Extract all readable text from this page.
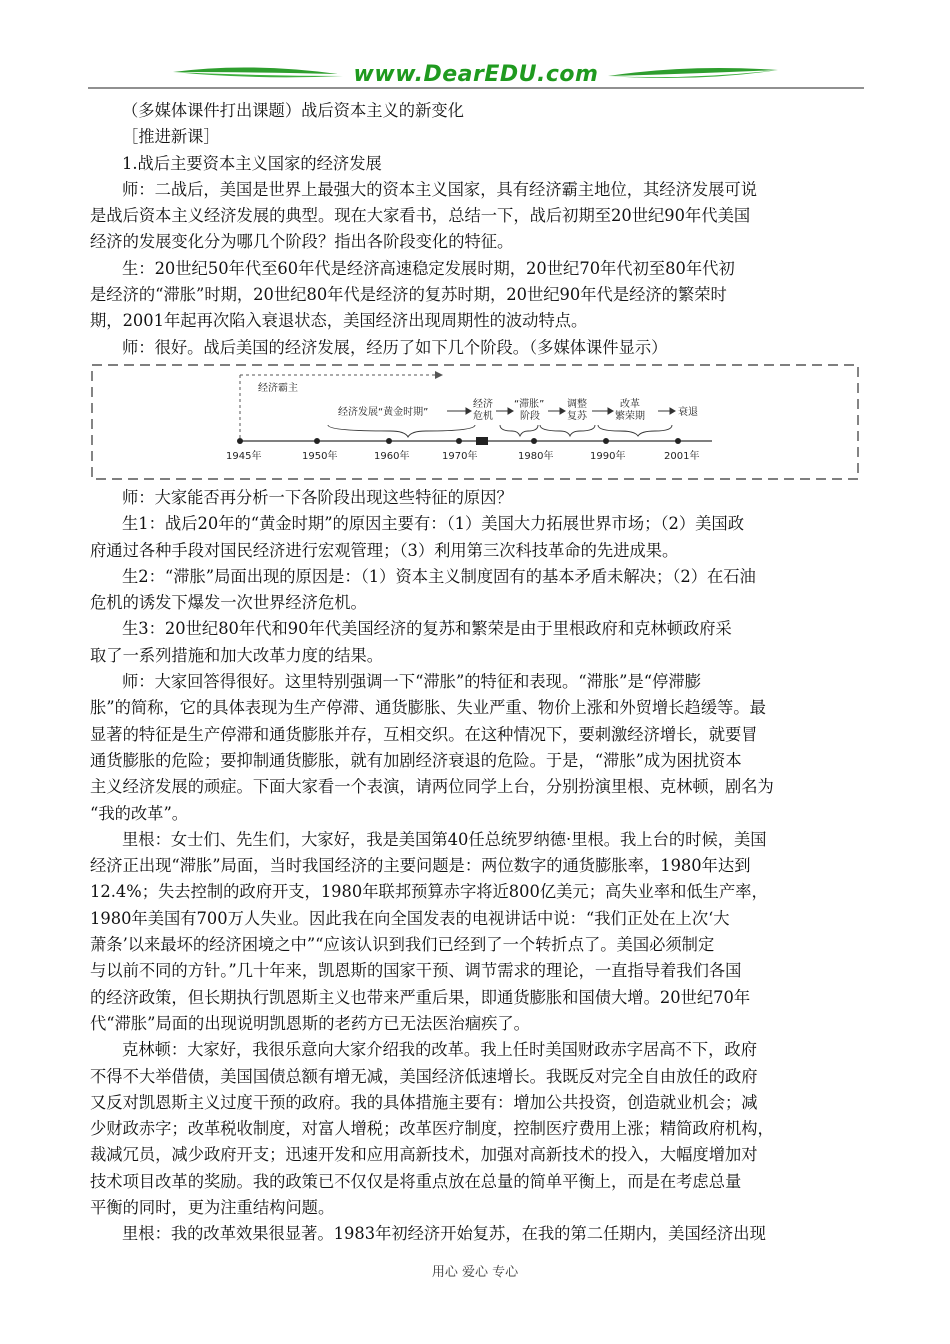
www.DearEDU.com

（多媒体课件打出课题）战后资本主义的新变化

［推进新课］

1.战后主要资本主义国家的经济发展

师：二战后，美国是世界上最强大的资本主义国家，具有经济霸主地位，其经济发展可说

是战后资本主义经济发展的典型。现在大家看书，总结一下，战后初期至20世纪90年代美国

经济的发展变化分为哪几个阶段？指出各阶段变化的特征。

生：20世纪50年代至60年代是经济高速稳定发展时期，20世纪70年代初至80年代初

是经济的“滞胀”时期，20世纪80年代是经济的复苏时期，20世纪90年代是经济的繁荣时

期，2001年起再次陷入衰退状态，美国经济出现周期性的波动特点。

师：很好。战后美国的经济发展，经历了如下几个阶段。（多媒体课件显示）

经济霸主
经济发展“黄金时期”
经济
危机
“滞胀”
阶段
调整
复苏
改革
繁荣期	衰退
1945年	1950年	1960年	1970年	1980年	1990年	2001年

师：大家能否再分析一下各阶段出现这些特征的原因？

生1：战后20年的“黄金时期”的原因主要有：（1）美国大力拓展世界市场；（2）美国政

府通过各种手段对国民经济进行宏观管理；（3）利用第三次科技革命的先进成果。

生2：“滞胀”局面出现的原因是：（1）资本主义制度固有的基本矛盾未解决；（2）在石油

危机的诱发下爆发一次世界经济危机。

生3：20世纪80年代和90年代美国经济的复苏和繁荣是由于里根政府和克林顿政府采

取了一系列措施和加大改革力度的结果。

师：大家回答得很好。这里特别强调一下“滞胀”的特征和表现。“滞胀”是“停滞膨

胀”的简称，它的具体表现为生产停滞、通货膨胀、失业严重、物价上涨和外贸增长趋缓等。最

显著的特征是生产停滞和通货膨胀并存，互相交织。在这种情况下，要刺激经济增长，就要冒

通货膨胀的危险；要抑制通货膨胀，就有加剧经济衰退的危险。于是，“滞胀”成为困扰资本

主义经济发展的顽症。下面大家看一个表演，请两位同学上台，分别扮演里根、克林顿，剧名为

“我的改革”。

里根：女士们、先生们，大家好，我是美国第40任总统罗纳德·里根。我上台的时候，美国

经济正出现“滞胀”局面，当时我国经济的主要问题是：两位数字的通货膨胀率，1980年达到

12.4%；失去控制的政府开支，1980年联邦预算赤字将近800亿美元；高失业率和低生产率，

1980年美国有700万人失业。因此我在向全国发表的电视讲话中说：“我们正处在上次‘大

萧条’以来最坏的经济困境之中”“应该认识到我们已经到了一个转折点了。美国必须制定

与以前不同的方针。”几十年来，凯恩斯的国家干预、调节需求的理论，一直指导着我们各国

的经济政策，但长期执行凯恩斯主义也带来严重后果，即通货膨胀和国债大增。20世纪70年

代“滞胀”局面的出现说明凯恩斯的老药方已无法医治痼疾了。

克林顿：大家好，我很乐意向大家介绍我的改革。我上任时美国财政赤字居高不下，政府

不得不大举借债，美国国债总额有增无减，美国经济低速增长。我既反对完全自由放任的政府

又反对凯恩斯主义过度干预的政府。我的具体措施主要有：增加公共投资，创造就业机会；减

少财政赤字；改革税收制度，对富人增税；改革医疗制度，控制医疗费用上涨；精简政府机构，

裁减冗员，减少政府开支；迅速开发和应用高新技术，加强对高新技术的投入，大幅度增加对

技术项目改革的奖励。我的政策已不仅仅是将重点放在总量的简单平衡上，而是在考虑总量

平衡的同时，更为注重结构问题。

里根：我的改革效果很显著。1983年初经济开始复苏，在我的第二任期内，美国经济出现

用心 爱心 专心
